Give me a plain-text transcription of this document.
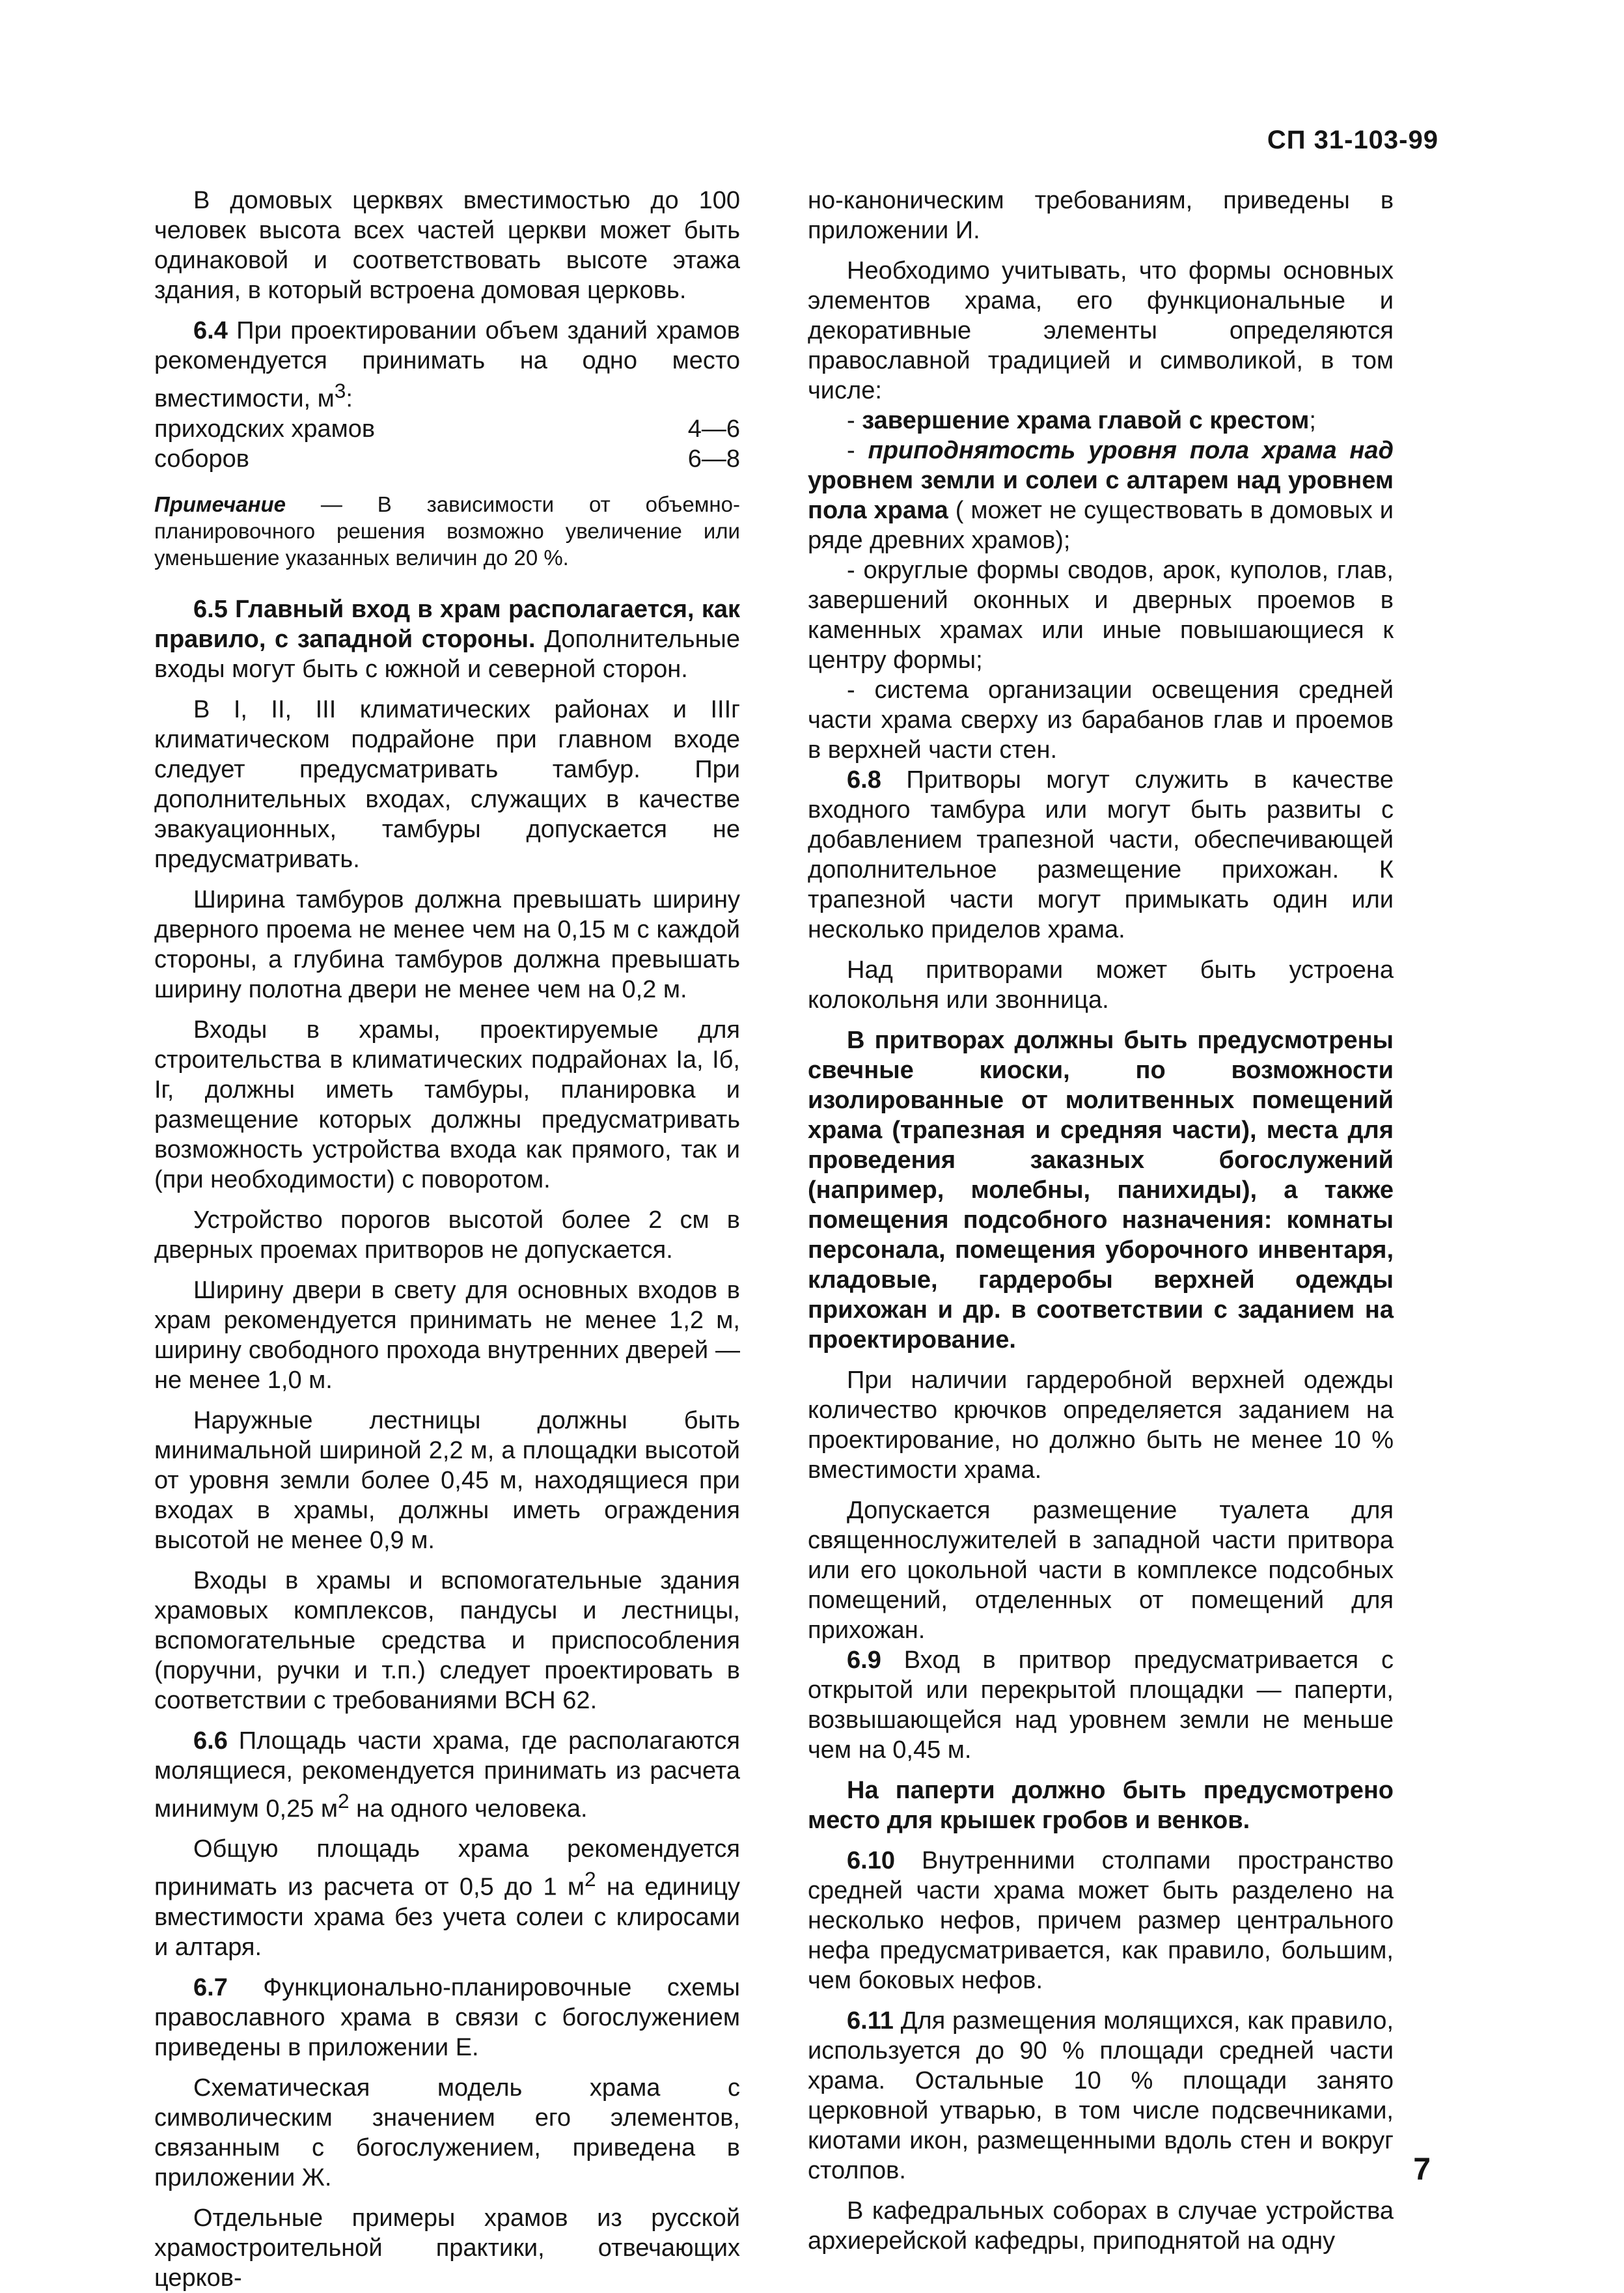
СП 31-103-99

В домовых церквях вместимостью до 100 человек высота всех частей церкви может быть одинаковой и соответствовать высоте этажа здания, в который встроена домовая церковь.

6.4 При проектировании объем зданий храмов рекомендуется принимать на одно место вместимости, $м^3$:

приходских храмов	4—6
соборов	6—8
Примечание — В зависимости от объемно-планировочного решения возможно увеличение или уменьшение указанных величин до 20 %.

6.5 Главный вход в храм располагается, как правило, с западной стороны. Дополнительные входы могут быть с южной и северной сторон.

В I, II, III климатических районах и IIIг климатическом подрайоне при главном входе следует предусматривать тамбур. При дополнительных входах, служащих в качестве эвакуационных, тамбуры допускается не предусматривать.

Ширина тамбуров должна превышать ширину дверного проема не менее чем на 0,15 м с каждой стороны, а глубина тамбуров должна превышать ширину полотна двери не менее чем на 0,2 м.

Входы в храмы, проектируемые для строительства в климатических подрайонах Iа, Iб, Iг, должны иметь тамбуры, планировка и размещение которых должны предусматривать возможность устройства входа как прямого, так и (при необходимости) с поворотом.

Устройство порогов высотой более 2 см в дверных проемах притворов не допускается.

Ширину двери в свету для основных входов в храм рекомендуется принимать не менее 1,2 м, ширину свободного прохода внутренних дверей — не менее 1,0 м.

Наружные лестницы должны быть минимальной шириной 2,2 м, а площадки высотой от уровня земли более 0,45 м, находящиеся при входах в храмы, должны иметь ограждения высотой не менее 0,9 м.

Входы в храмы и вспомогательные здания храмовых комплексов, пандусы и лестницы, вспомогательные средства и приспособления (поручни, ручки и т.п.) следует проектировать в соответствии с требованиями ВСН 62.

6.6 Площадь части храма, где располагаются молящиеся, рекомендуется принимать из расчета минимум 0,25 $м^2$ на одного человека.

Общую площадь храма рекомендуется принимать из расчета от 0,5 до 1 $м^2$ на единицу вместимости храма без учета солеи с клиросами и алтаря.

6.7 Функционально-планировочные схемы православного храма в связи с богослужением приведены в приложении Е.

Схематическая модель храма с символическим значением его элементов, связанным с богослужением, приведена в приложении Ж.

Отдельные примеры храмов из русской храмостроительной практики, отвечающих церков-

но-каноническим требованиям, приведены в приложении И.

Необходимо учитывать, что формы основных элементов храма, его функциональные и декоративные элементы определяются православной традицией и символикой, в том числе:

- завершение храма главой с крестом;

- приподнятость уровня пола храма над уровнем земли и солеи с алтарем над уровнем пола храма ( может не существовать в домовых и ряде древних храмов);

- округлые формы сводов, арок, куполов, глав, завершений оконных и дверных проемов в каменных храмах или иные повышающиеся к центру формы;

- система организации освещения средней части храма сверху из барабанов глав и проемов в верхней части стен.

6.8 Притворы могут служить в качестве входного тамбура или могут быть развиты с добавлением трапезной части, обеспечивающей дополнительное размещение прихожан. К трапезной части могут примыкать один или несколько приделов храма.

Над притворами может быть устроена колокольня или звонница.

В притворах должны быть предусмотрены свечные киоски, по возможности изолированные от молитвенных помещений храма (трапезная и средняя части), места для проведения заказных богослужений (например, молебны, панихиды), а также помещения подсобного назначения: комнаты персонала, помещения уборочного инвентаря, кладовые, гардеробы верхней одежды прихожан и др. в соответствии с заданием на проектирование.

При наличии гардеробной верхней одежды количество крючков определяется заданием на проектирование, но должно быть не менее 10 % вместимости храма.

Допускается размещение туалета для священнослужителей в западной части притвора или его цокольной части в комплексе подсобных помещений, отделенных от помещений для прихожан.

6.9 Вход в притвор предусматривается с открытой или перекрытой площадки — паперти, возвышающейся над уровнем земли не меньше чем на 0,45 м.

На паперти должно быть предусмотрено место для крышек гробов и венков.

6.10 Внутренними столпами пространство средней части храма может быть разделено на несколько нефов, причем размер центрального нефа предусматривается, как правило, большим, чем боковых нефов.

6.11 Для размещения молящихся, как правило, используется до 90 % площади средней части храма. Остальные 10 % площади занято церковной утварью, в том числе подсвечниками, киотами икон, размещенными вдоль стен и вокруг столпов.

В кафедральных соборах в случае устройства архиерейской кафедры, приподнятой на одну

7
